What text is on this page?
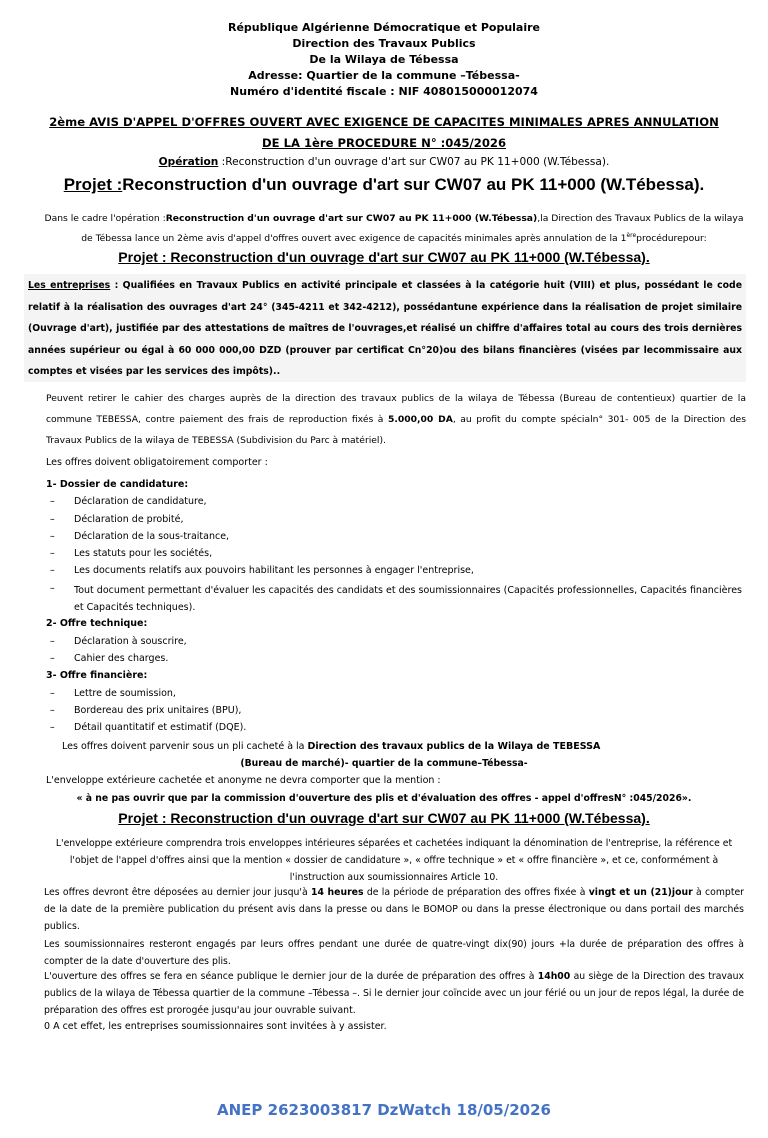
République Algérienne Démocratique et Populaire
Direction des Travaux Publics
De la Wilaya de Tébessa
Adresse: Quartier de la commune –Tébessa-
Numéro d'identité fiscale : NIF 408015000012074
2ème AVIS D'APPEL D'OFFRES OUVERT AVEC EXIGENCE DE CAPACITES MINIMALES APRES ANNULATION
DE LA 1ère PROCEDURE N° :045/2026
Opération :Reconstruction d'un ouvrage d'art sur CW07 au PK 11+000 (W.Tébessa).
Projet :Reconstruction d'un ouvrage d'art sur CW07 au PK 11+000 (W.Tébessa).
Dans le cadre l'opération :Reconstruction d'un ouvrage d'art sur CW07 au PK 11+000 (W.Tébessa),la Direction des Travaux Publics de la wilaya de Tébessa lance un 2ème avis d'appel d'offres ouvert avec exigence de capacités minimales après annulation de la 1èreprocédurepour:
Projet : Reconstruction d'un ouvrage d'art sur CW07 au PK 11+000 (W.Tébessa).
Les entreprises : Qualifiées en Travaux Publics en activité principale et classées à la catégorie huit (VIII) et plus, possédant le code relatif à la réalisation des ouvrages d'art 24° (345-4211 et 342-4212), possédantune expérience dans la réalisation de projet similaire (Ouvrage d'art), justifiée par des attestations de maîtres de l'ouvrages,et réalisé un chiffre d'affaires total au cours des trois dernières années supérieur ou égal à 60 000 000,00 DZD (prouver par certificat Cn°20)ou des bilans financières (visées par lecommissaire aux comptes et visées par les services des impôts)..
Peuvent retirer le cahier des charges auprès de la direction des travaux publics de la wilaya de Tébessa (Bureau de contentieux) quartier de la commune TEBESSA, contre paiement des frais de reproduction fixés à 5.000,00 DA, au profit du compte spécialn° 301- 005 de la Direction des Travaux Publics de la wilaya de TEBESSA (Subdivision du Parc à matériel).
Les offres doivent obligatoirement comporter :
1- Dossier de candidature:
– Déclaration de candidature,
– Déclaration de probité,
– Déclaration de la sous-traitance,
– Les statuts pour les sociétés,
– Les documents relatifs aux pouvoirs habilitant les personnes à engager l'entreprise,
– Tout document permettant d'évaluer les capacités des candidats et des soumissionnaires (Capacités professionnelles, Capacités financières et Capacités techniques).
2- Offre technique:
– Déclaration à souscrire,
– Cahier des charges.
3- Offre financière:
– Lettre de soumission,
– Bordereau des prix unitaires (BPU),
– Détail quantitatif et estimatif (DQE).
Les offres doivent parvenir sous un pli cacheté à la Direction des travaux publics de la Wilaya de TEBESSA
(Bureau de marché)- quartier de la commune–Tébessa-
L'enveloppe extérieure cachetée et anonyme ne devra comporter que la mention :
« à ne pas ouvrir que par la commission d'ouverture des plis et d'évaluation des offres - appel d'offresN° :045/2026».
Projet : Reconstruction d'un ouvrage d'art sur CW07 au PK 11+000 (W.Tébessa).
L'enveloppe extérieure comprendra trois enveloppes intérieures séparées et cachetées indiquant la dénomination de l'entreprise, la référence et l'objet de l'appel d'offres ainsi que la mention « dossier de candidature », « offre technique » et « offre financière », et ce, conformément à l'instruction aux soumissionnaires Article 10.
Les offres devront être déposées au dernier jour jusqu'à 14 heures de la période de préparation des offres fixée à vingt et un (21)jour à compter de la date de la première publication du présent avis dans la presse ou dans le BOMOP ou dans la presse électronique ou dans portail des marchés publics.
Les soumissionnaires resteront engagés par leurs offres pendant une durée de quatre-vingt dix(90) jours +la durée de préparation des offres à compter de la date d'ouverture des plis.
L'ouverture des offres se fera en séance publique le dernier jour de la durée de préparation des offres à 14h00 au siège de la Direction des travaux publics de la wilaya de Tébessa quartier de la commune –Tébessa –. Si le dernier jour coïncide avec un jour férié ou un jour de repos légal, la durée de préparation des offres est prorogée jusqu'au jour ouvrable suivant.
0 A cet effet, les entreprises soumissionnaires sont invitées à y assister.
ANEP 2623003817 DzWatch 18/05/2026
